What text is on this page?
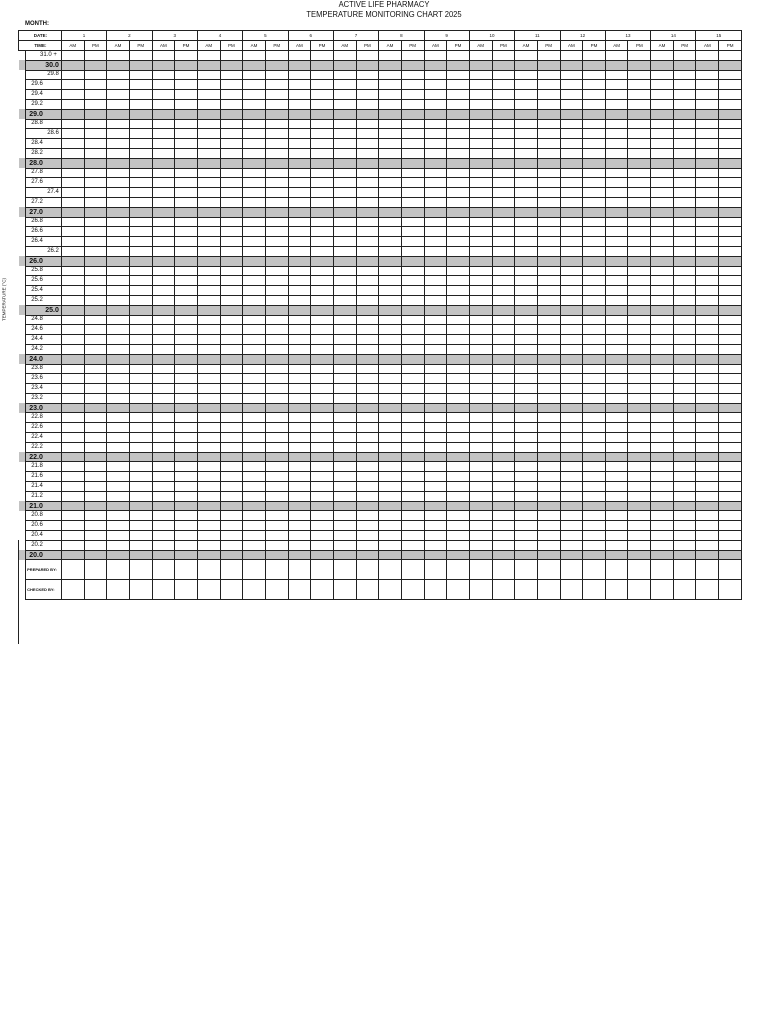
ACTIVE LIFE PHARMACY
TEMPERATURE MONITORING CHART 2025
MONTH:
DATE:		1		2		3		4		5		6		7		8		9		10		11		12		13		14		15	
TIME:		AM	PM	AM	PM	AM	PM	AM	PM	AM	PM	AM	PM	AM	PM	AM	PM	AM	PM	AM	PM	AM	PM	AM	PM	AM	PM	AM	PM	AM	PM
	31.0 +																														
	30.0																														
	29.8																														
	29.6																														
	29.4																														
	29.2																														
	29.0																														
	28.8																														
	28.6																														
	28.4																														
	28.2																														
	28.0																														
	27.8																														
	27.6																														
	27.4																														
	27.2																														
	27.0																														
	26.8																														
	26.6																														
	26.4																														
	26.2																														
	26.0																														
	25.8																														
	25.6																														
	25.4																														
	25.2																														
	25.0																														
	24.8																														
	24.6																														
	24.4																														
	24.2																														
	24.0																														
	23.8																														
	23.6																														
	23.4																														
	23.2																														
	23.0																														
	22.8																														
	22.6																														
	22.4																														
	22.2																														
	22.0																														
	21.8																														
	21.6																														
	21.4																														
	21.2																														
	21.0																														
	20.8																														
	20.6																														
	20.4																														
	20.2																														
	20.0																														
	PREPARED BY:																														
	CHECKED BY:																														
TEMPERATURE (°C)
